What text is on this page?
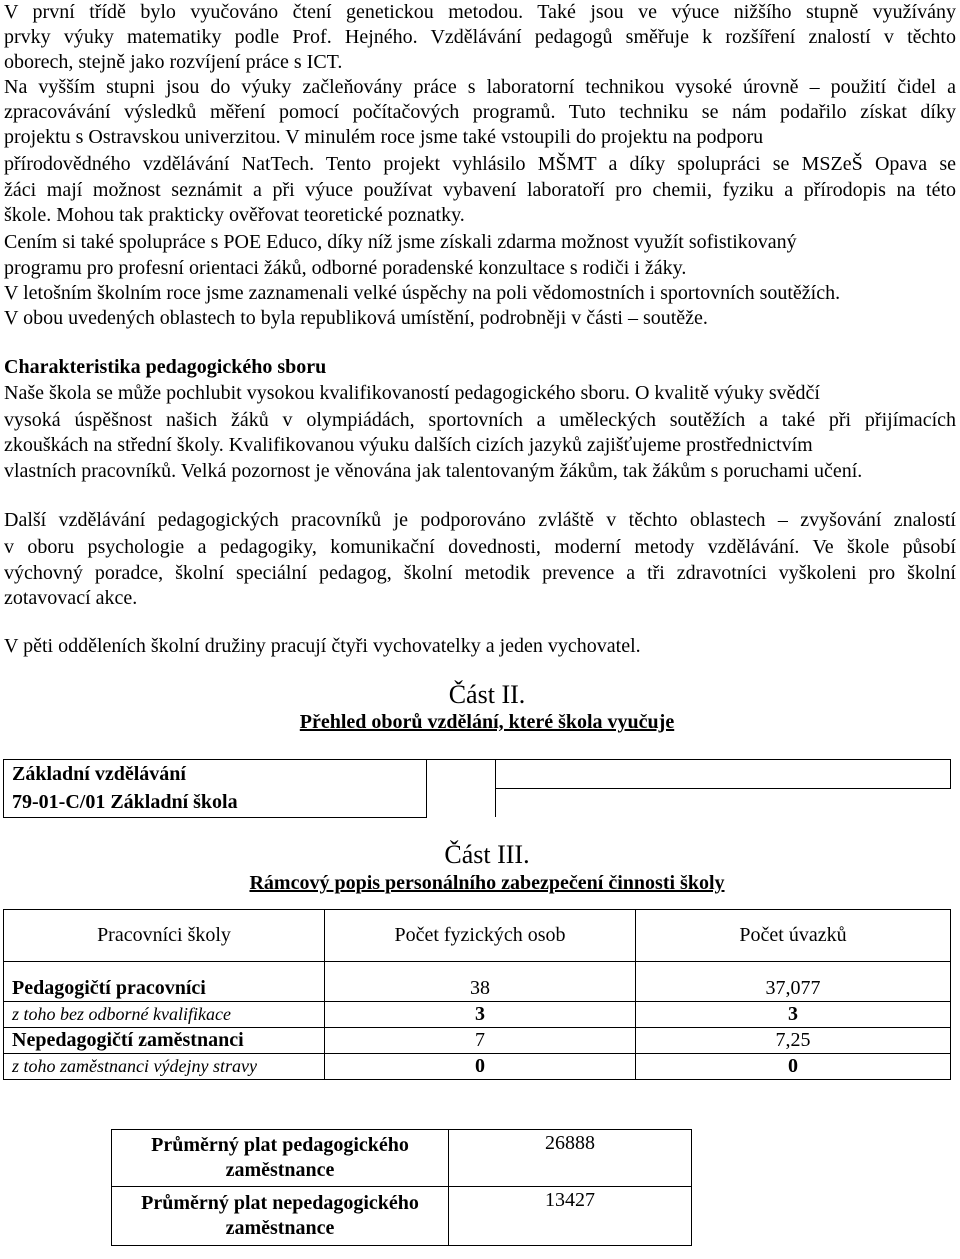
V první třídě bylo vyučováno čtení genetickou metodou. Také jsou ve výuce nižšího stupně využívány
prvky výuky matematiky podle Prof. Hejného. Vzdělávání pedagogů směřuje k rozšíření znalostí v těchto
oborech, stejně jako rozvíjení práce s ICT.
Na vyšším stupni jsou do výuky začleňovány práce s laboratorní technikou vysoké úrovně – použití čidel a
zpracovávání výsledků měření pomocí počítačových programů. Tuto techniku se nám podařilo získat díky
projektu s Ostravskou univerzitou. V minulém roce jsme také vstoupili do projektu na podporu
přírodovědného vzdělávání NatTech. Tento projekt vyhlásilo MŠMT a díky spolupráci se MSZeŠ Opava se
žáci mají možnost seznámit a při výuce používat vybavení laboratoří pro chemii, fyziku a přírodopis na této
škole. Mohou tak prakticky ověřovat teoretické poznatky.
Cením si také spolupráce s POE Educo, díky níž jsme získali zdarma možnost využít sofistikovaný
programu pro profesní orientaci žáků, odborné poradenské konzultace s rodiči i žáky.
V letošním školním roce jsme zaznamenali velké úspěchy na poli vědomostních i sportovních soutěžích.
V obou uvedených oblastech to byla republiková umístění, podrobněji v části – soutěže.
Charakteristika pedagogického sboru
Naše škola se může pochlubit vysokou kvalifikovaností pedagogického sboru. O kvalitě výuky svědčí
vysoká úspěšnost našich žáků v olympiádách, sportovních a uměleckých soutěžích a také při přijímacích
zkouškách na střední školy. Kvalifikovanou výuku dalších cizích jazyků zajišťujeme prostřednictvím
vlastních pracovníků. Velká pozornost je věnována jak talentovaným žákům, tak žákům s poruchami učení.
Další vzdělávání pedagogických pracovníků je podporováno zvláště v těchto oblastech – zvyšování znalostí
v oboru psychologie a pedagogiky, komunikační dovednosti, moderní metody vzdělávání. Ve škole působí
výchovný poradce, školní speciální pedagog, školní metodik prevence a tři zdravotníci vyškoleni pro školní
zotavovací akce.
V pěti odděleních školní družiny pracují čtyři vychovatelky a jeden vychovatel.
Část II.
Přehled oborů vzdělání, které škola vyučuje
Základní vzdělávání		
79-01-C/01 Základní škola		
Část III.
Rámcový popis personálního zabezpečení činnosti školy
Pracovníci školy	Počet fyzických osob	Počet úvazků

Pedagogičtí pracovníci	38	37,077
z toho bez odborné kvalifikace	3	3
Nepedagogičtí zaměstnanci	7	7,25
z toho zaměstnanci výdejny stravy	0	0
Průměrný plat pedagogického zaměstnance	26888
Průměrný plat nepedagogického zaměstnance	13427
